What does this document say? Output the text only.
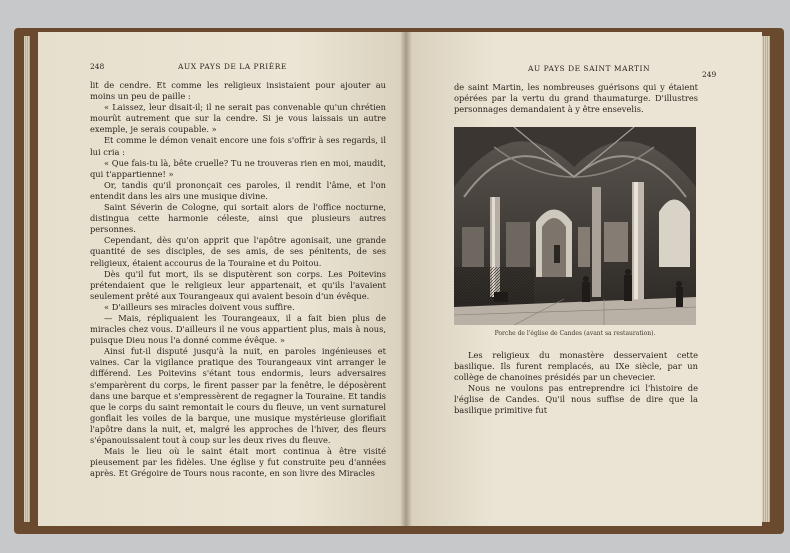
248	AUX PAYS DE LA PRIÈRE

lit de cendre. Et comme les religieux insistaient pour ajouter au moins un peu de paille :

« Laissez, leur disait-il; il ne serait pas convenable qu'un chrétien mourût autrement que sur la cendre. Si je vous laissais un autre exemple, je serais coupable. »

Et comme le démon venait encore une fois s'offrir à ses regards, il lui cria :

« Que fais-tu là, bête cruelle? Tu ne trouveras rien en moi, maudit, qui t'appartienne! »

Or, tandis qu'il prononçait ces paroles, il rendit l'âme, et l'on entendit dans les airs une musique divine.

Saint Séverin de Cologne, qui sortait alors de l'office nocturne, distingua cette harmonie céleste, ainsi que plusieurs autres personnes.

Cependant, dès qu'on apprit que l'apôtre agonisait, une grande quantité de ses disciples, de ses amis, de ses pénitents, de ses religieux, étaient accourus de la Touraine et du Poitou.

Dès qu'il fut mort, ils se disputèrent son corps. Les Poitevins prétendaient que le religieux leur appartenait, et qu'ils l'avaient seulement prêté aux Tourangeaux qui avaient besoin d'un évêque.

« D'ailleurs ses miracles doivent vous suffire.

— Mais, répliquaient les Tourangeaux, il a fait bien plus de miracles chez vous. D'ailleurs il ne vous appartient plus, mais à nous, puisque Dieu nous l'a donné comme évêque. »

Ainsi fut-il disputé jusqu'à la nuit, en paroles ingénieuses et vaines. Car la vigilance pratique des Tourangeaux vint arranger le différend. Les Poitevins s'étant tous endormis, leurs adversaires s'emparèrent du corps, le firent passer par la fenêtre, le déposèrent dans une barque et s'empressèrent de regagner la Touraine. Et tandis que le corps du saint remontait le cours du fleuve, un vent surnaturel gonflait les voiles de la barque, une musique mystérieuse glorifiait l'apôtre dans la nuit, et, malgré les approches de l'hiver, des fleurs s'épanouissaient tout à coup sur les deux rives du fleuve.

Mais le lieu où le saint était mort continua à être visité pieusement par les fidèles. Une église y fut construite peu d'années après. Et Grégoire de Tours nous raconte, en son livre des Miracles

AU PAYS DE SAINT MARTIN
249

de saint Martin, les nombreuses guérisons qui y étaient opérées par la vertu du grand thaumaturge. D'illustres personnages demandaient à y être ensevelis.

Porche de l'église de Candes (avant sa restauration).

Les religieux du monastère desservaient cette basilique. Ils furent remplacés, au IXe siècle, par un collège de chanoines présidés par un chevecier.

Nous ne voulons pas entreprendre ici l'histoire de l'église de Candes. Qu'il nous suffise de dire que la basilique primitive fut
